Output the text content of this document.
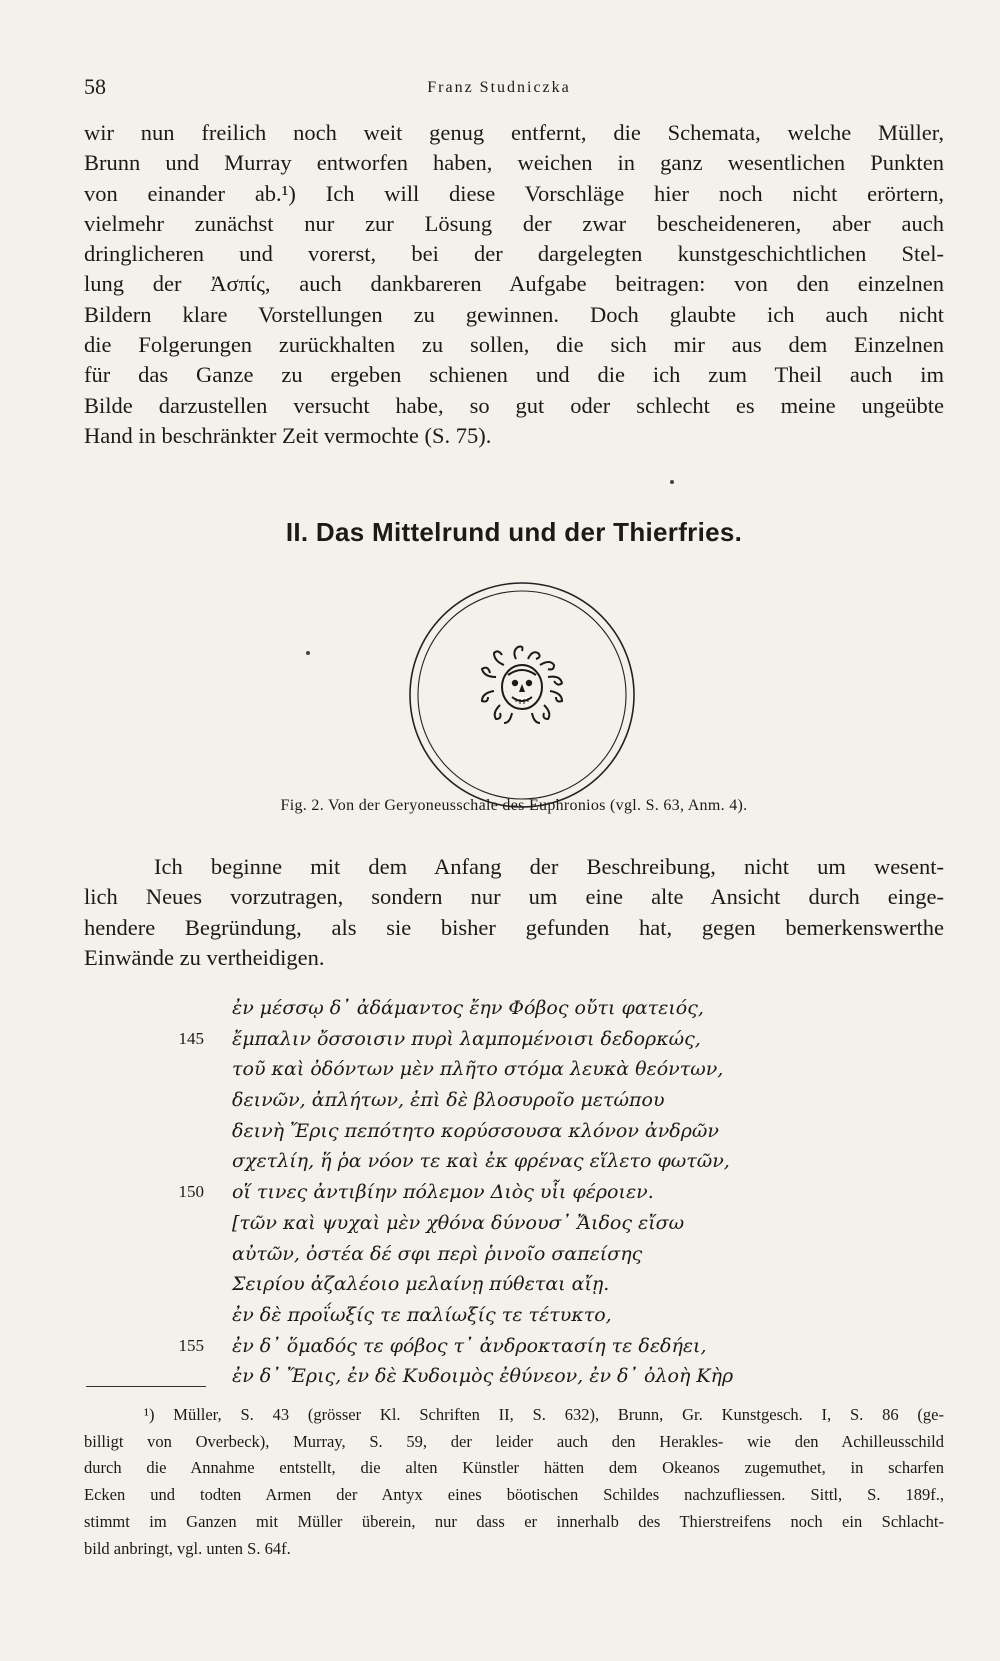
58	Franz Studniczka
wir nun freilich noch weit genug entfernt, die Schemata, welche Müller,
Brunn und Murray entworfen haben, weichen in ganz wesentlichen Punkten
von einander ab.¹) Ich will diese Vorschläge hier noch nicht erörtern,
vielmehr zunächst nur zur Lösung der zwar bescheideneren, aber auch
dringlicheren und vorerst, bei der dargelegten kunstgeschichtlichen Stel-
lung der Ἀσπίς, auch dankbareren Aufgabe beitragen: von den einzelnen
Bildern klare Vorstellungen zu gewinnen. Doch glaubte ich auch nicht
die Folgerungen zurückhalten zu sollen, die sich mir aus dem Einzelnen
für das Ganze zu ergeben schienen und die ich zum Theil auch im
Bilde darzustellen versucht habe, so gut oder schlecht es meine ungeübte
Hand in beschränkter Zeit vermochte (S. 75).
II. Das Mittelrund und der Thierfries.
Fig. 2. Von der Geryoneusschale des Euphronios (vgl. S. 63, Anm. 4).
Ich beginne mit dem Anfang der Beschreibung, nicht um wesent-
lich Neues vorzutragen, sondern nur um eine alte Ansicht durch einge-
hendere Begründung, als sie bisher gefunden hat, gegen bemerkenswerthe
Einwände zu vertheidigen.
ἐν μέσσῳ δ᾽ ἀδάμαντος ἔην Φόβος οὔτι φατειός,
145 ἔμπαλιν ὄσσοισιν πυρὶ λαμπομένοισι δεδορκώς,
τοῦ καὶ ὀδόντων μὲν πλῆτο στόμα λευκὰ θεόντων,
δεινῶν, ἀπλήτων, ἐπὶ δὲ βλοσυροῖο μετώπου
δεινὴ Ἔρις πεπότητο κορύσσουσα κλόνον ἀνδρῶν
σχετλίη, ἥ ῥα νόον τε καὶ ἐκ φρένας εἵλετο φωτῶν,
150 οἵ τινες ἀντιβίην πόλεμον Διὸς υἷι φέροιεν.
[τῶν καὶ ψυχαὶ μὲν χθόνα δύνουσ᾽ Ἄιδος εἴσω
αὐτῶν, ὀστέα δέ σφι περὶ ῥινοῖο σαπείσης
Σειρίου ἀζαλέοιο μελαίνῃ πύθεται αἴῃ.
ἐν δὲ προΐωξίς τε παλίωξίς τε τέτυκτο,
155 ἐν δ᾽ ὅμαδός τε φόβος τ᾽ ἀνδροκτασίη τε δεδήει,
ἐν δ᾽ Ἔρις, ἐν δὲ Κυδοιμὸς ἐθύνεον, ἐν δ᾽ ὀλοὴ Κὴρ
¹) Müller, S. 43 (grösser Kl. Schriften II, S. 632), Brunn, Gr. Kunstgesch. I, S. 86 (ge-
billigt von Overbeck), Murray, S. 59, der leider auch den Herakles- wie den Achilleusschild
durch die Annahme entstellt, die alten Künstler hätten dem Okeanos zugemuthet, in scharfen
Ecken und todten Armen der Antyx eines böotischen Schildes nachzufliessen. Sittl, S. 189f.,
stimmt im Ganzen mit Müller überein, nur dass er innerhalb des Thierstreifens noch ein Schlacht-
bild anbringt, vgl. unten S. 64f.
